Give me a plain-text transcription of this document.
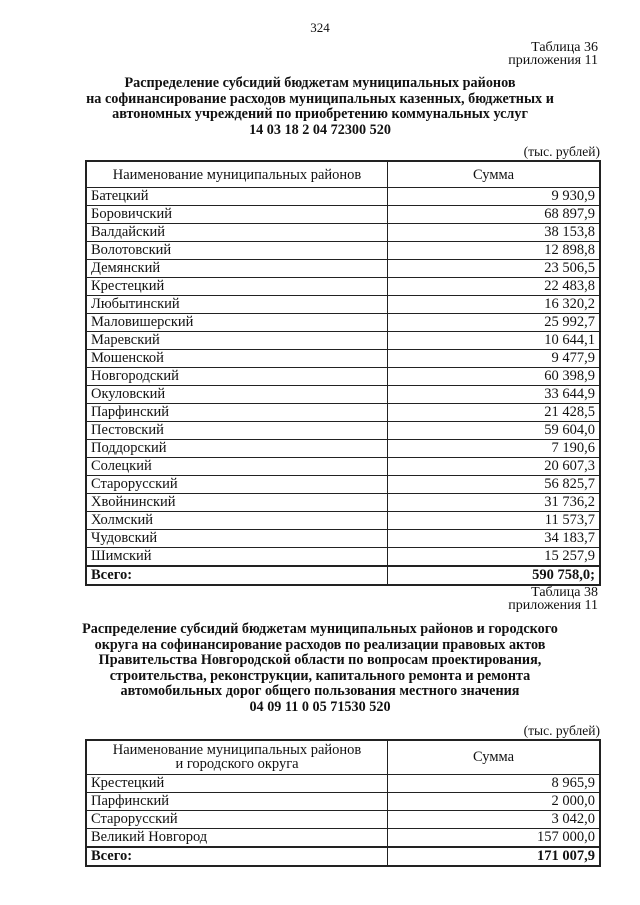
324
Таблица 36
приложения 11
Распределение субсидий бюджетам муниципальных районов
на софинансирование расходов муниципальных казенных, бюджетных и
автономных учреждений по приобретению коммунальных услуг
14 03 18 2 04 72300 520
(тыс. рублей)
Наименование муниципальных районов	Сумма
Батецкий	9 930,9
Боровичский	68 897,9
Валдайский	38 153,8
Волотовский	12 898,8
Демянский	23 506,5
Крестецкий	22 483,8
Любытинский	16 320,2
Маловишерский	25 992,7
Маревский	10 644,1
Мошенской	9 477,9
Новгородский	60 398,9
Окуловский	33 644,9
Парфинский	21 428,5
Пестовский	59 604,0
Поддорский	7 190,6
Солецкий	20 607,3
Старорусский	56 825,7
Хвойнинский	31 736,2
Холмский	11 573,7
Чудовский	34 183,7
Шимский	15 257,9
Всего:	590 758,0;
Таблица 38
приложения 11
Распределение субсидий бюджетам муниципальных районов и городского
округа на софинансирование расходов по реализации правовых актов
Правительства Новгородской области по вопросам проектирования,
строительства, реконструкции, капитального ремонта и ремонта
автомобильных дорог общего пользования местного значения
04 09 11 0 05 71530 520
(тыс. рублей)
Наименование муниципальных районов
и городского округа	Сумма
Крестецкий	8 965,9
Парфинский	2 000,0
Старорусский	3 042,0
Великий Новгород	157 000,0
Всего:	171 007,9
